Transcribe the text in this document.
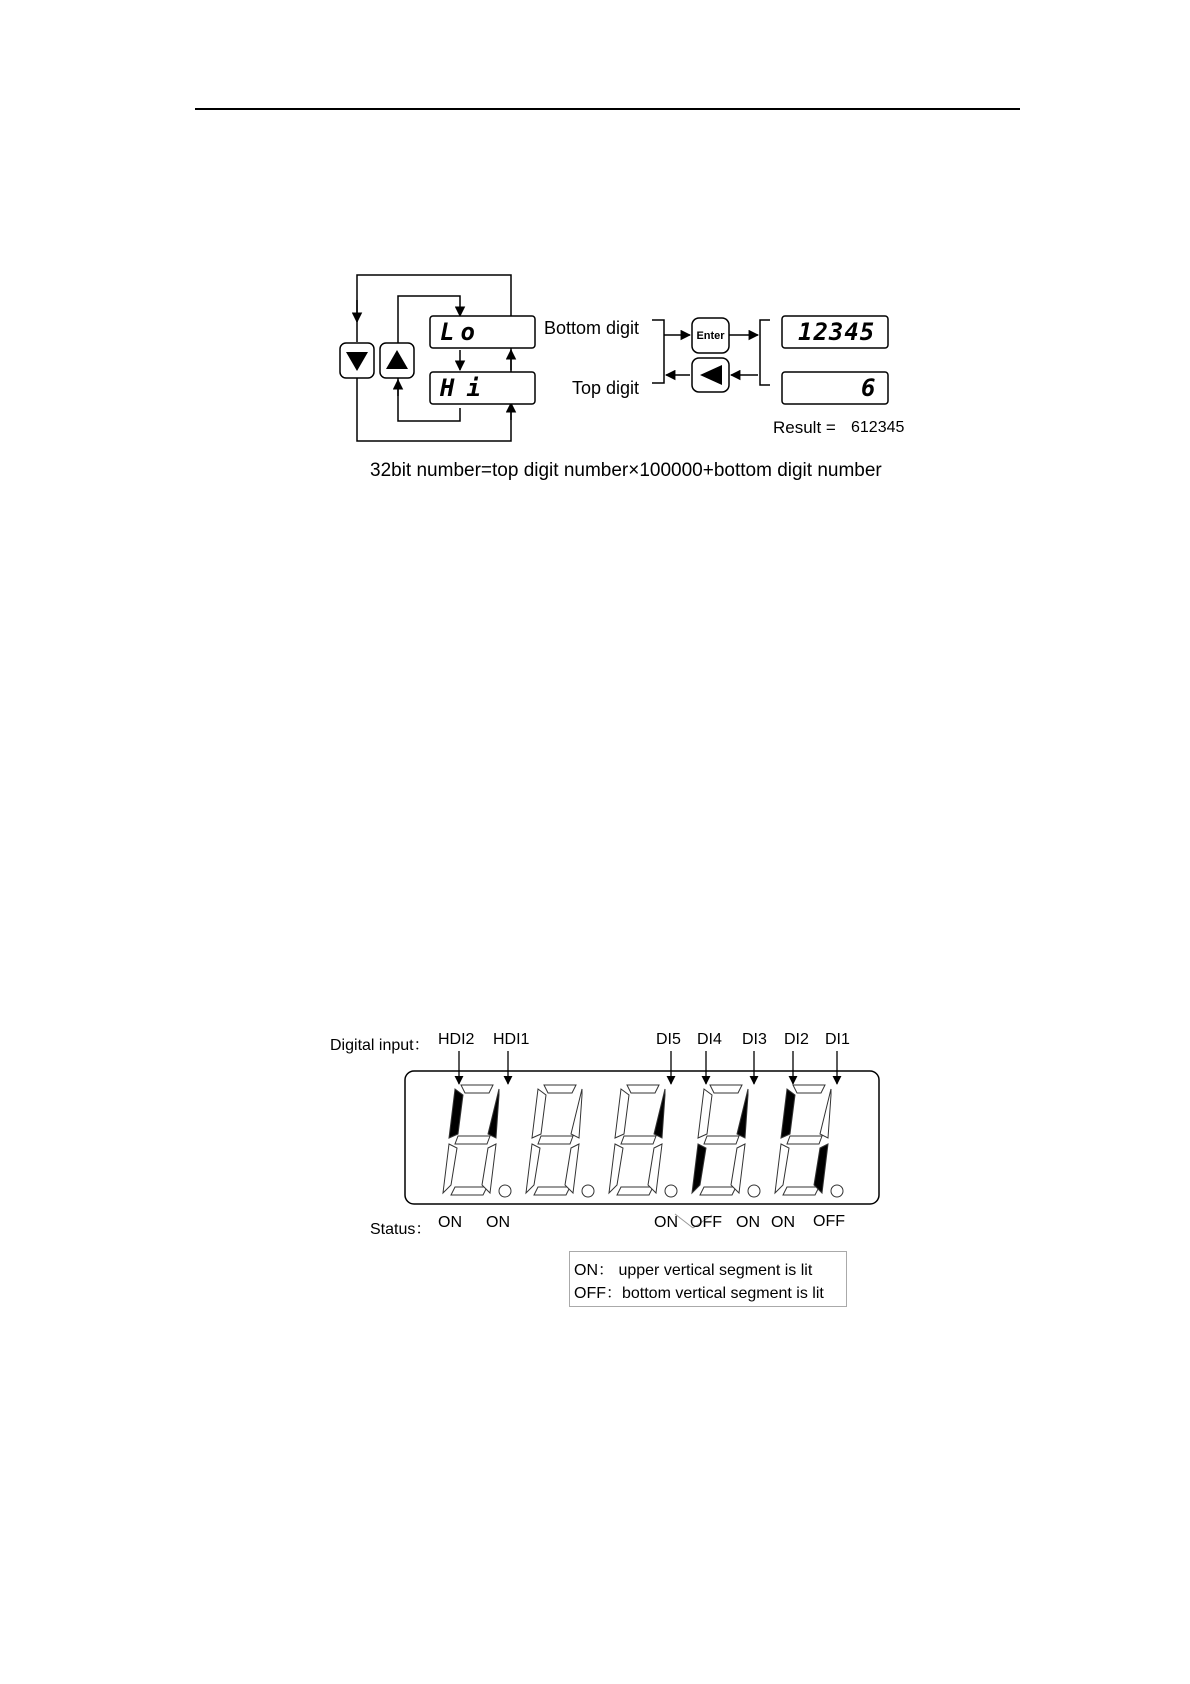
Enter
Lo
Hi
12345
6
Bottom digit
Top digit
Result = 612345
32bit number=top digit number×100000+bottom digit number
Digital input： HDI2 HDI1	DI5 DI4 DI3 DI2 DI1
Status： ON ON	ON OFF ON ON OFF
ON： upper vertical segment is lit
OFF：bottom vertical segment is lit
